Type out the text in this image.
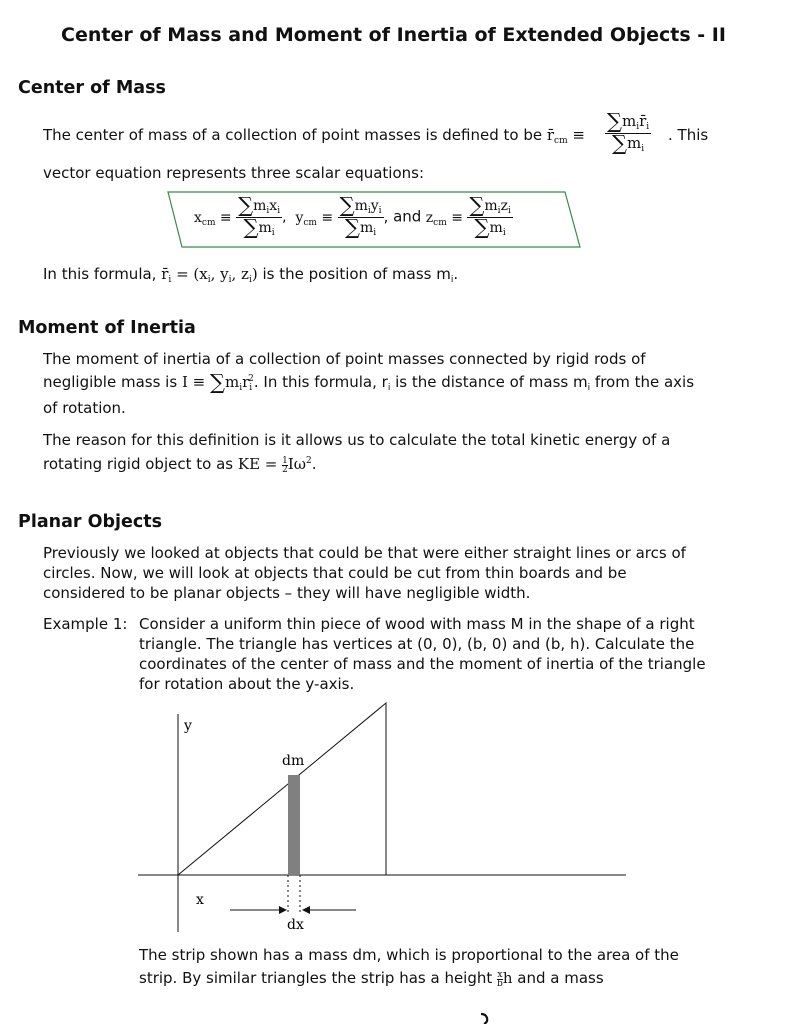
Center of Mass and Moment of Inertia of Extended Objects - II
Center of Mass
The center of mass of a collection of point masses is defined to be $r̄_{cm} \equiv \frac{\sum m_ir̄_i}{\sum m_i}$ . This
vector equation represents three scalar equations:
$x_{cm} \equiv \frac{\sum m_ix_i}{\sum m_i}$ ,  $y_{cm} \equiv \frac{\sum m_iy_i}{\sum m_i}$ , and $z_{cm} \equiv \frac{\sum m_iz_i}{\sum m_i}$
In this formula, $r̄_i = (x_i$, $y_i$, $z_i$) is the position of mass $m_i$.
Moment of Inertia
The moment of inertia of a collection of point masses connected by rigid rods of
negligible mass is $I \equiv \sum m_ir_i^2$. In this formula, $r_i$ is the distance of mass $m_i$ from the axis
of rotation.
The reason for this definition is it allows us to calculate the total kinetic energy of a
rotating rigid object to as KE = $\frac{1}{2} I\omega^2$.
Planar Objects
Previously we looked at objects that could be that were either straight lines or arcs of
circles. Now, we will look at objects that could be cut from thin boards and be
considered to be planar objects – they will have negligible width.
Example 1: Consider a uniform thin piece of wood with mass M in the shape of a right
triangle. The triangle has vertices at (0, 0), (b, 0) and (b, h). Calculate the
coordinates of the center of mass and the moment of inertia of the triangle
for rotation about the y-axis.
y
dm
x
dx
The strip shown has a mass dm, which is proportional to the area of the
strip. By similar triangles the strip has a height $\frac{x}{b}$ h and a mass
